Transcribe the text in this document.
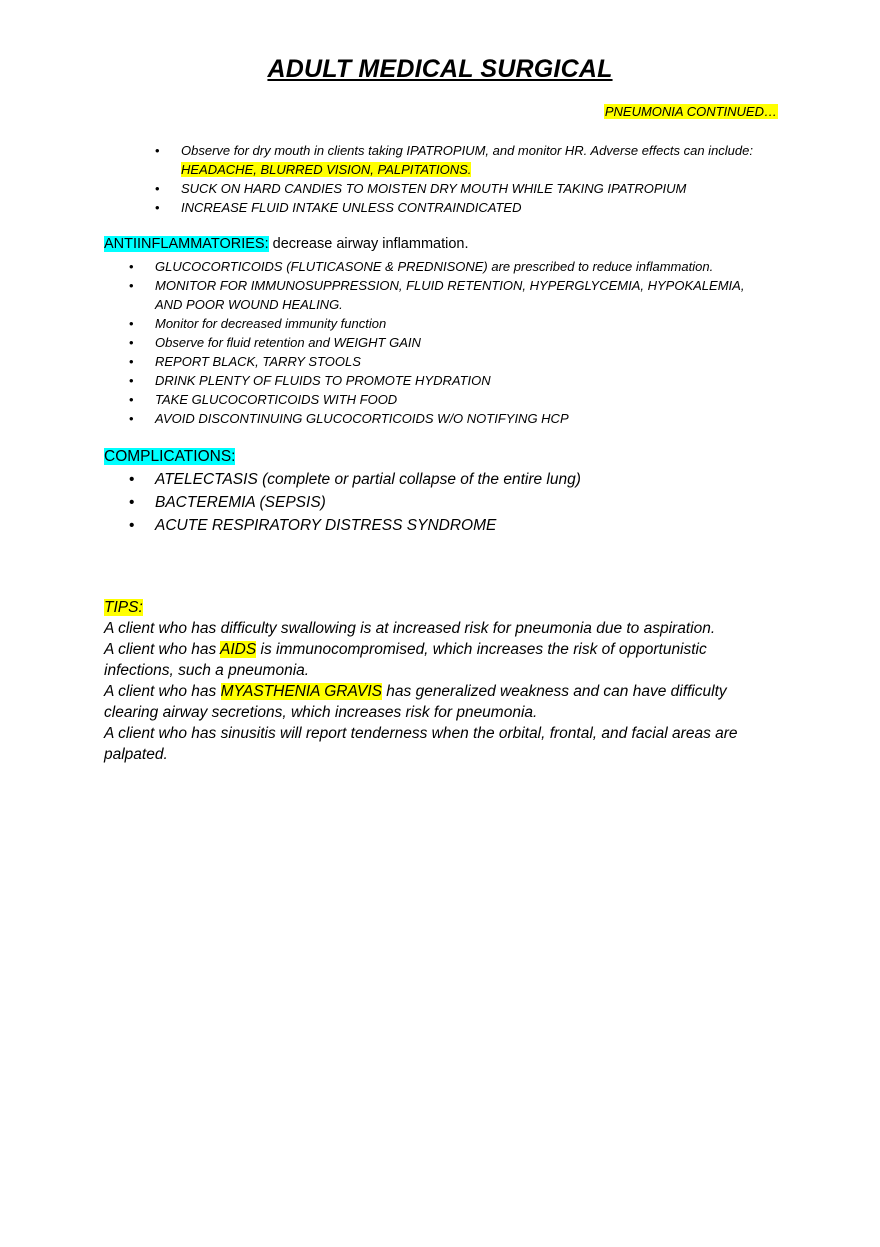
ADULT MEDICAL SURGICAL
PNEUMONIA CONTINUED…
• Observe for dry mouth in clients taking IPATROPIUM, and monitor HR. Adverse effects can include: HEADACHE, BLURRED VISION, PALPITATIONS.
• SUCK ON HARD CANDIES TO MOISTEN DRY MOUTH WHILE TAKING IPATROPIUM
• INCREASE FLUID INTAKE UNLESS CONTRAINDICATED
ANTIINFLAMMATORIES: decrease airway inflammation.
• GLUCOCORTICOIDS (FLUTICASONE & PREDNISONE) are prescribed to reduce inflammation.
• MONITOR FOR IMMUNOSUPPRESSION, FLUID RETENTION, HYPERGLYCEMIA, HYPOKALEMIA, AND POOR WOUND HEALING.
• Monitor for decreased immunity function
• Observe for fluid retention and WEIGHT GAIN
• REPORT BLACK, TARRY STOOLS
• DRINK PLENTY OF FLUIDS TO PROMOTE HYDRATION
• TAKE GLUCOCORTICOIDS WITH FOOD
• AVOID DISCONTINUING GLUCOCORTICOIDS W/O NOTIFYING HCP
COMPLICATIONS:
• ATELECTASIS (complete or partial collapse of the entire lung)
• BACTEREMIA (SEPSIS)
• ACUTE RESPIRATORY DISTRESS SYNDROME

TIPS:

A client who has difficulty swallowing is at increased risk for pneumonia due to aspiration.

A client who has AIDS is immunocompromised, which increases the risk of opportunistic infections, such a pneumonia.

A client who has MYASTHENIA GRAVIS has generalized weakness and can have difficulty clearing airway secretions, which increases risk for pneumonia.

A client who has sinusitis will report tenderness when the orbital, frontal, and facial areas are palpated.
